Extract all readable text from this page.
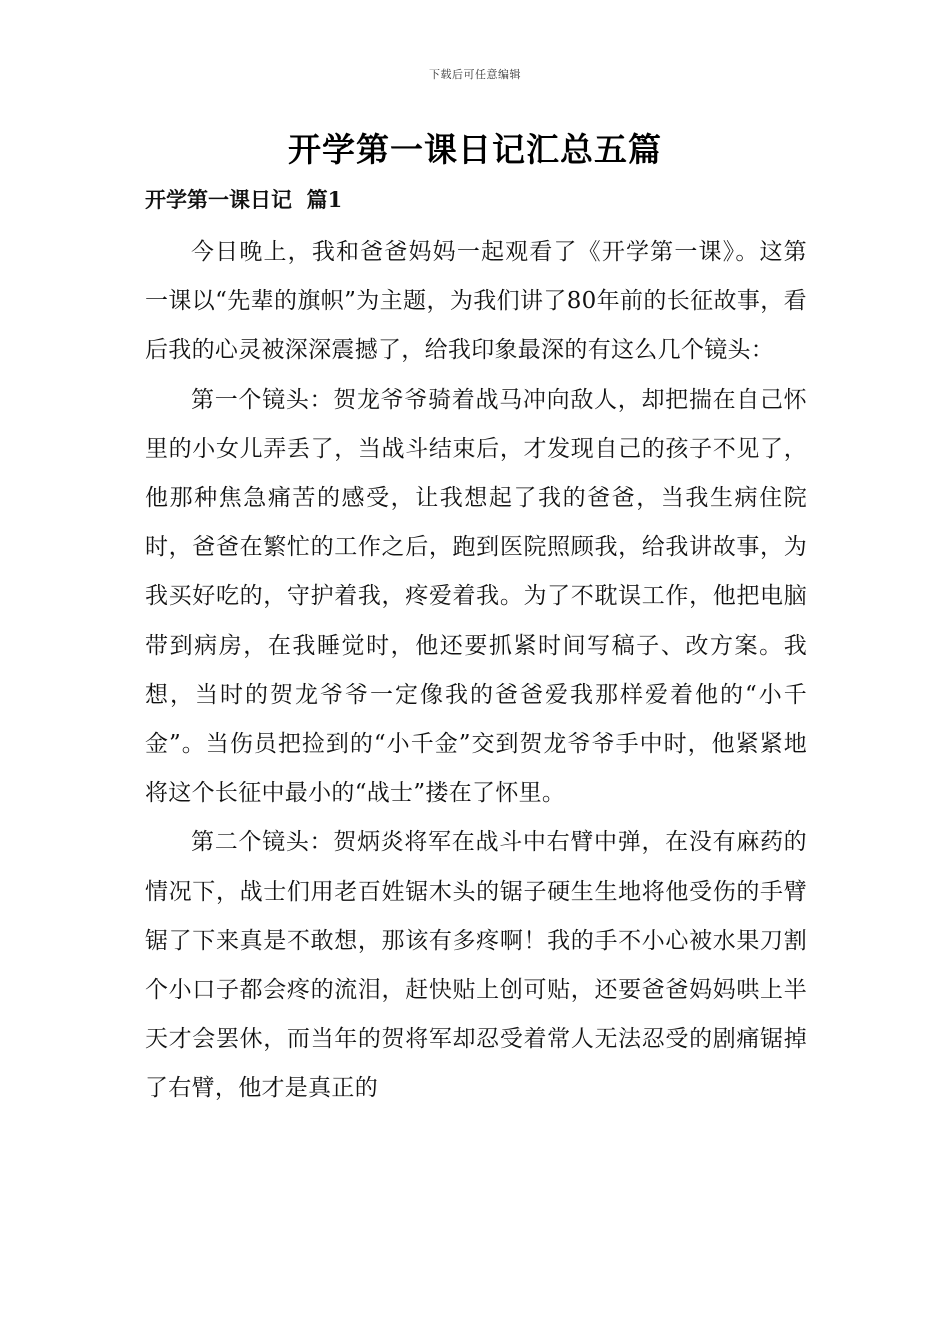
下载后可任意编辑
开学第一课日记汇总五篇
开学第一课日记  篇1

今日晚上，我和爸爸妈妈一起观看了《开学第一课》。这第一课以“先辈的旗帜”为主题，为我们讲了80年前的长征故事，看后我的心灵被深深震撼了，给我印象最深的有这么几个镜头：

第一个镜头：贺龙爷爷骑着战马冲向敌人，却把揣在自己怀里的小女儿弄丢了，当战斗结束后，才发现自己的孩子不见了，他那种焦急痛苦的感受，让我想起了我的爸爸，当我生病住院时，爸爸在繁忙的工作之后，跑到医院照顾我，给我讲故事，为我买好吃的，守护着我，疼爱着我。为了不耽误工作，他把电脑带到病房，在我睡觉时，他还要抓紧时间写稿子、改方案。我想，当时的贺龙爷爷一定像我的爸爸爱我那样爱着他的“小千金”。当伤员把捡到的“小千金”交到贺龙爷爷手中时，他紧紧地将这个长征中最小的“战士”搂在了怀里。

第二个镜头：贺炳炎将军在战斗中右臂中弹，在没有麻药的情况下，战士们用老百姓锯木头的锯子硬生生地将他受伤的手臂锯了下来真是不敢想，那该有多疼啊！我的手不小心被水果刀割个小口子都会疼的流泪，赶快贴上创可贴，还要爸爸妈妈哄上半天才会罢休，而当年的贺将军却忍受着常人无法忍受的剧痛锯掉了右臂，他才是真正的
